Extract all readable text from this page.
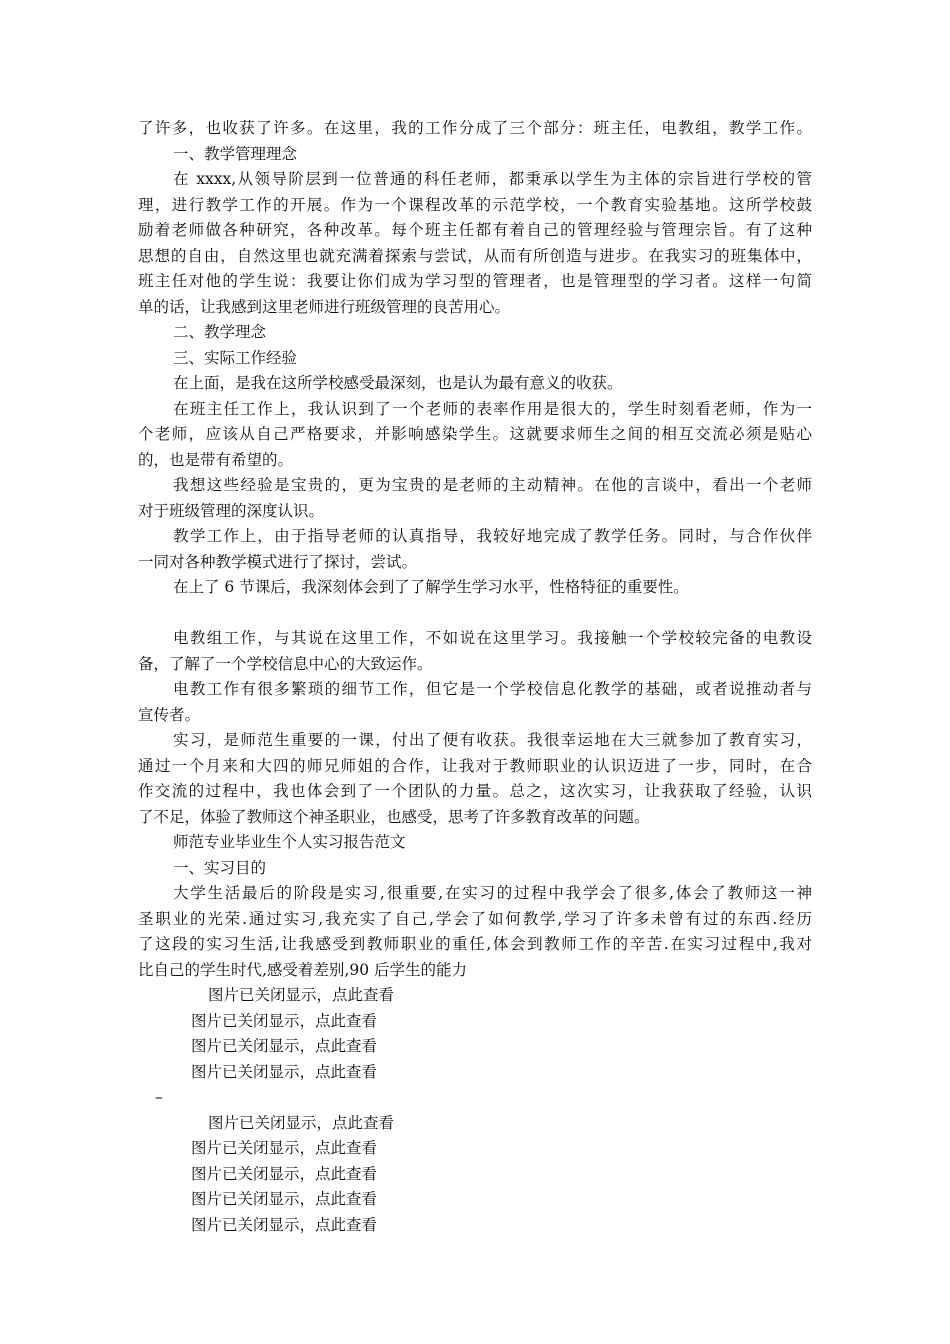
了许多，也收获了许多。在这里，我的工作分成了三个部分：班主任，电教组，教学工作。
一、教学管理理念
在 xxxx,从领导阶层到一位普通的科任老师，都秉承以学生为主体的宗旨进行学校的管
理，进行教学工作的开展。作为一个课程改革的示范学校，一个教育实验基地。这所学校鼓
励着老师做各种研究，各种改革。每个班主任都有着自己的管理经验与管理宗旨。有了这种
思想的自由，自然这里也就充满着探索与尝试，从而有所创造与进步。在我实习的班集体中，
班主任对他的学生说：我要让你们成为学习型的管理者，也是管理型的学习者。这样一句简
单的话，让我感到这里老师进行班级管理的良苦用心。
二、教学理念
三、实际工作经验
在上面，是我在这所学校感受最深刻，也是认为最有意义的收获。
在班主任工作上，我认识到了一个老师的表率作用是很大的，学生时刻看老师，作为一
个老师，应该从自己严格要求，并影响感染学生。这就要求师生之间的相互交流必须是贴心
的，也是带有希望的。
我想这些经验是宝贵的，更为宝贵的是老师的主动精神。在他的言谈中，看出一个老师
对于班级管理的深度认识。
教学工作上，由于指导老师的认真指导，我较好地完成了教学任务。同时，与合作伙伴
一同对各种教学模式进行了探讨，尝试。
在上了 6 节课后，我深刻体会到了了解学生学习水平，性格特征的重要性。
电教组工作，与其说在这里工作，不如说在这里学习。我接触一个学校较完备的电教设
备，了解了一个学校信息中心的大致运作。
电教工作有很多繁琐的细节工作，但它是一个学校信息化教学的基础，或者说推动者与
宣传者。
实习，是师范生重要的一课，付出了便有收获。我很幸运地在大三就参加了教育实习，
通过一个月来和大四的师兄师姐的合作，让我对于教师职业的认识迈进了一步，同时，在合
作交流的过程中，我也体会到了一个团队的力量。总之，这次实习，让我获取了经验，认识
了不足，体验了教师这个神圣职业，也感受，思考了许多教育改革的问题。
师范专业毕业生个人实习报告范文
一、实习目的
大学生活最后的阶段是实习,很重要,在实习的过程中我学会了很多,体会了教师这一神
圣职业的光荣.通过实习,我充实了自己,学会了如何教学,学习了许多未曾有过的东西.经历
了这段的实习生活,让我感受到教师职业的重任,体会到教师工作的辛苦.在实习过程中,我对
比自己的学生时代,感受着差别,90 后学生的能力
图片已关闭显示，点此查看
图片已关闭显示，点此查看
图片已关闭显示，点此查看
图片已关闭显示，点此查看
–
图片已关闭显示，点此查看
图片已关闭显示，点此查看
图片已关闭显示，点此查看
图片已关闭显示，点此查看
图片已关闭显示，点此查看
